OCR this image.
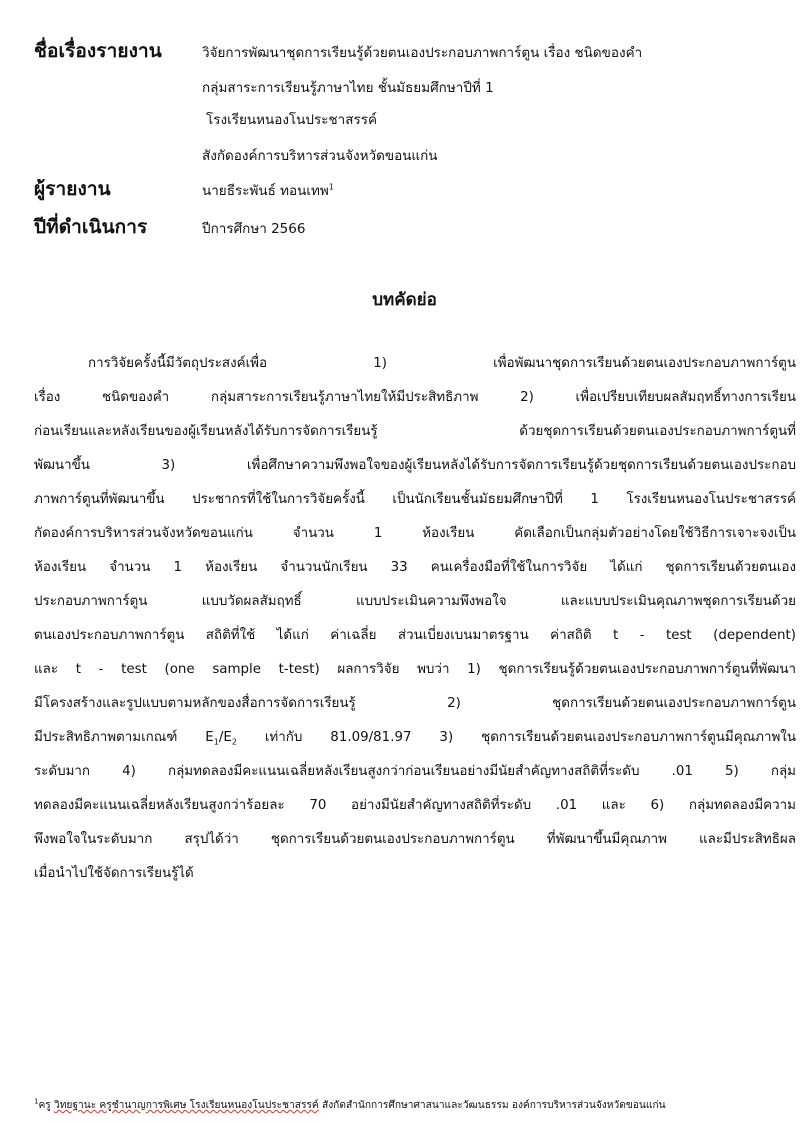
ชื่อเรื่องรายงาน	วิจัยการพัฒนาชุดการเรียนรู้ด้วยตนเองประกอบภาพการ์ตูน เรื่อง ชนิดของคำ
กลุ่มสาระการเรียนรู้ภาษาไทย ชั้นมัธยมศึกษาปีที่ 1
โรงเรียนหนองโนประชาสรรค์
สังกัดองค์การบริหารส่วนจังหวัดขอนแก่น
ผู้รายงาน	นายธีระพันธ์ ทอนเทพ$^1$
ปีที่ดำเนินการ	ปีการศึกษา 2566
บทคัดย่อ
การวิจัยครั้งนี้มีวัตถุประสงค์เพื่อ 1) เพื่อพัฒนาชุดการเรียนด้วยตนเองประกอบภาพการ์ตูน
เรื่อง ชนิดของคำ กลุ่มสาระการเรียนรู้ภาษาไทยให้มีประสิทธิภาพ 2) เพื่อเปรียบเทียบผลสัมฤทธิ์ทางการเรียน
ก่อนเรียนและหลังเรียนของผู้เรียนหลังได้รับการจัดการเรียนรู้ ด้วยชุดการเรียนด้วยตนเองประกอบภาพการ์ตูนที่
พัฒนาขึ้น 3) เพื่อศึกษาความพึงพอใจของผู้เรียนหลังได้รับการจัดการเรียนรู้ด้วยชุดการเรียนด้วยตนเองประกอบ
ภาพการ์ตูนที่พัฒนาขึ้น ประชากรที่ใช้ในการวิจัยครั้งนี้ เป็นนักเรียนชั้นมัธยมศึกษาปีที่ 1 โรงเรียนหนองโนประชาสรรค์
กัดองค์การบริหารส่วนจังหวัดขอนแก่น จำนวน 1 ห้องเรียน คัดเลือกเป็นกลุ่มตัวอย่างโดยใช้วิธีการเจาะจงเป็น
ห้องเรียน จำนวน 1 ห้องเรียน จำนวนนักเรียน 33 คนเครื่องมือที่ใช้ในการวิจัย ได้แก่ ชุดการเรียนด้วยตนเอง
ประกอบภาพการ์ตูน แบบวัดผลสัมฤทธิ์ แบบประเมินความพึงพอใจ และแบบประเมินคุณภาพชุดการเรียนด้วย
ตนเองประกอบภาพการ์ตูน สถิติที่ใช้ ได้แก่ ค่าเฉลี่ย ส่วนเบี่ยงเบนมาตรฐาน ค่าสถิติ t - test (dependent)
และ t - test (one sample t-test) ผลการวิจัย พบว่า 1) ชุดการเรียนรู้ด้วยตนเองประกอบภาพการ์ตูนที่พัฒนา
มีโครงสร้างและรูปแบบตามหลักของสื่อการจัดการเรียนรู้ 2) ชุดการเรียนด้วยตนเองประกอบภาพการ์ตูน
มีประสิทธิภาพตามเกณฑ์ $E_1/E_2$ เท่ากับ 81.09/81.97 3) ชุดการเรียนด้วยตนเองประกอบภาพการ์ตูนมีคุณภาพใน
ระดับมาก 4) กลุ่มทดลองมีคะแนนเฉลี่ยหลังเรียนสูงกว่าก่อนเรียนอย่างมีนัยสำคัญทางสถิติที่ระดับ .01 5) กลุ่ม
ทดลองมีคะแนนเฉลี่ยหลังเรียนสูงกว่าร้อยละ 70 อย่างมีนัยสำคัญทางสถิติที่ระดับ .01 และ 6) กลุ่มทดลองมีความ
พึงพอใจในระดับมาก สรุปได้ว่า ชุดการเรียนด้วยตนเองประกอบภาพการ์ตูน ที่พัฒนาขึ้นมีคุณภาพ และมีประสิทธิผล
เมื่อนำไปใช้จัดการเรียนรู้ได้
$^1$ครู วิทยฐานะ ครูชำนาญการพิเศษ โรงเรียนหนองโนประชาสรรค์ สังกัดสำนักการศึกษาศาสนาและวัฒนธรรม องค์การบริหารส่วนจังหวัดขอนแก่น
